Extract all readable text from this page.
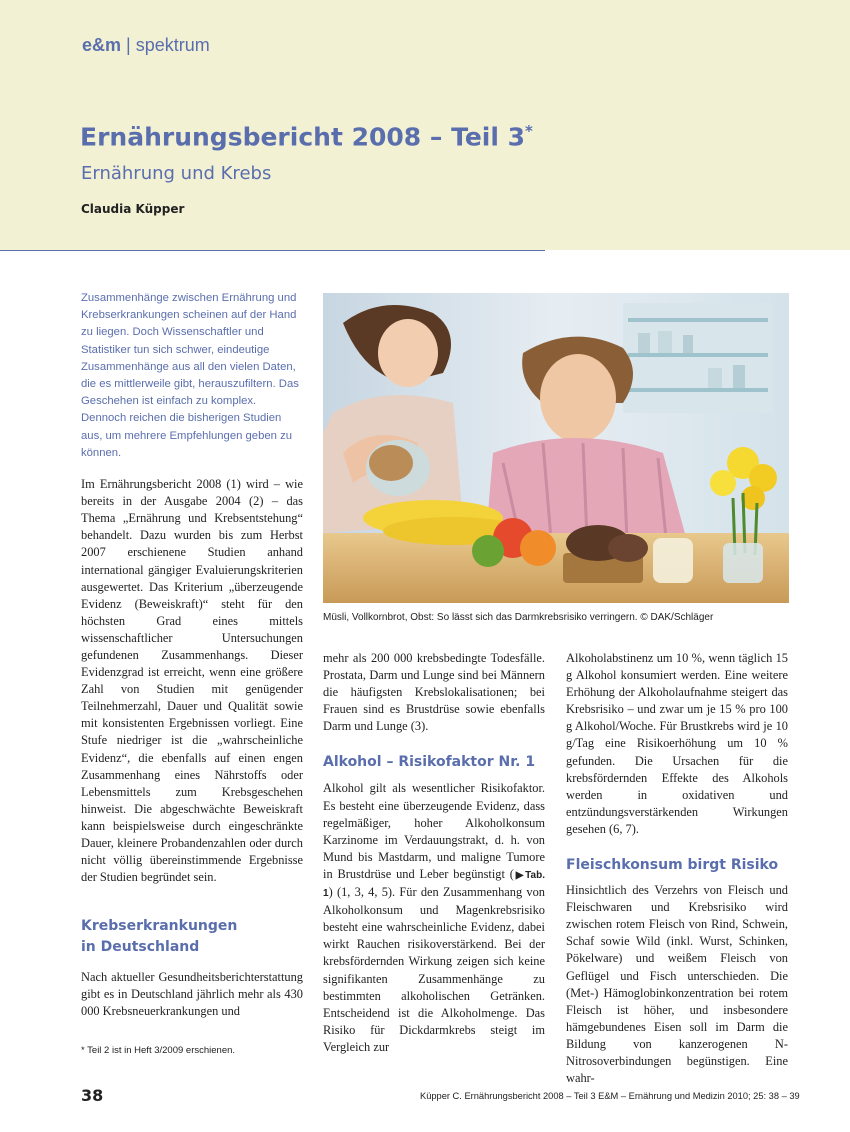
e&m | spektrum
Ernährungsbericht 2008 – Teil 3*
Ernährung und Krebs
Claudia Küpper

Zusammenhänge zwischen Ernährung und Krebserkrankungen scheinen auf der Hand zu liegen. Doch Wissenschaftler und Statistiker tun sich schwer, eindeutige Zusammenhänge aus all den vielen Daten, die es mittlerweile gibt, herauszufiltern. Das Geschehen ist einfach zu komplex. Dennoch reichen die bisherigen Studien aus, um mehrere Empfehlungen geben zu können.

Im Ernährungsbericht 2008 (1) wird – wie bereits in der Ausgabe 2004 (2) – das Thema „Ernährung und Krebsentstehung“ behandelt. Dazu wurden bis zum Herbst 2007 erschienene Studien anhand international gängiger Evaluierungskriterien ausgewertet. Das Kriterium „überzeugende Evidenz (Beweiskraft)“ steht für den höchsten Grad eines mittels wissenschaftlicher Untersuchungen gefundenen Zusammenhangs. Dieser Evidenzgrad ist erreicht, wenn eine größere Zahl von Studien mit genügender Teilnehmerzahl, Dauer und Qualität sowie mit konsistenten Ergebnissen vorliegt. Eine Stufe niedriger ist die „wahrscheinliche Evidenz“, die ebenfalls auf einen engen Zusammenhang eines Nährstoffs oder Lebensmittels zum Krebsgeschehen hinweist. Die abgeschwächte Beweiskraft kann beispielsweise durch eingeschränkte Dauer, kleinere Probandenzahlen oder durch nicht völlig übereinstimmende Ergebnisse der Studien begründet sein.

Krebserkrankungen
in Deutschland

Nach aktueller Gesundheitsberichterstattung gibt es in Deutschland jährlich mehr als 430 000 Krebsneuerkrankungen und

Müsli, Vollkornbrot, Obst: So lässt sich das Darmkrebsrisiko verringern. © DAK/Schläger

mehr als 200 000 krebsbedingte Todesfälle. Prostata, Darm und Lunge sind bei Männern die häufigsten Krebslokalisationen; bei Frauen sind es Brustdrüse sowie ebenfalls Darm und Lunge (3).

Alkohol – Risikofaktor Nr. 1

Alkohol gilt als wesentlicher Risikofaktor. Es besteht eine überzeugende Evidenz, dass regelmäßiger, hoher Alkoholkonsum Karzinome im Verdauungstrakt, d. h. von Mund bis Mastdarm, und maligne Tumore in Brustdrüse und Leber begünstigt (▶Tab. 1) (1, 3, 4, 5). Für den Zusammenhang von Alkoholkonsum und Magenkrebsrisiko besteht eine wahrscheinliche Evidenz, dabei wirkt Rauchen risikoverstärkend. Bei der krebsfördernden Wirkung zeigen sich keine signifikanten Zusammenhänge zu bestimmten alkoholischen Getränken. Entscheidend ist die Alkoholmenge. Das Risiko für Dickdarmkrebs steigt im Vergleich zur

Alkoholabstinenz um 10 %, wenn täglich 15 g Alkohol konsumiert werden. Eine weitere Erhöhung der Alkoholaufnahme steigert das Krebsrisiko – und zwar um je 15 % pro 100 g Alkohol/Woche. Für Brustkrebs wird je 10 g/Tag eine Risikoerhöhung um 10 % gefunden. Die Ursachen für die krebsfördernden Effekte des Alkohols werden in oxidativen und entzündungsverstärkenden Wirkungen gesehen (6, 7).

Fleischkonsum birgt Risiko

Hinsichtlich des Verzehrs von Fleisch und Fleischwaren und Krebsrisiko wird zwischen rotem Fleisch von Rind, Schwein, Schaf sowie Wild (inkl. Wurst, Schinken, Pökelware) und weißem Fleisch von Geflügel und Fisch unterschieden. Die (Met-) Hämoglobinkonzentration bei rotem Fleisch ist höher, und insbesondere hämgebundenes Eisen soll im Darm die Bildung von kanzerogenen N-Nitrosoverbindungen begünstigen. Eine wahr-

* Teil 2 ist in Heft 3/2009 erschienen.
38	Küpper C. Ernährungsbericht 2008 – Teil 3 E&M – Ernährung und Medizin 2010; 25: 38 – 39
